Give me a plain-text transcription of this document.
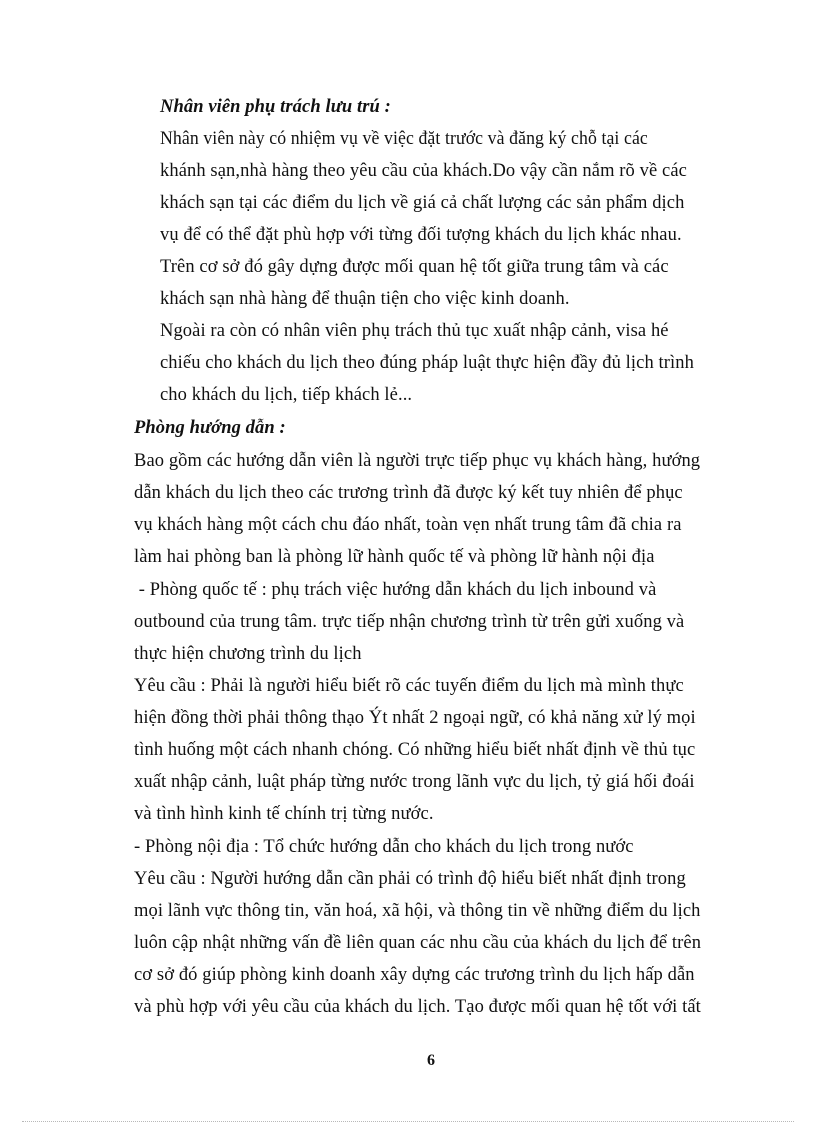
Nhân viên phụ trách lưu trú :
Nhân viên này có nhiệm vụ về việc đặt trước và đăng ký chỗ tại các
khánh sạn,nhà hàng theo yêu cầu của khách.Do vậy cần nắm rõ về các
khách sạn tại các điểm du lịch về giá cả chất lượng các sản phẩm dịch
vụ để có thể đặt phù hợp với từng đối tượng khách du lịch khác nhau.
Trên cơ sở đó gây dựng được mối quan hệ tốt giữa trung tâm và các
khách sạn nhà hàng để thuận tiện cho việc kinh doanh.
Ngoài ra còn có nhân viên phụ trách thủ tục xuất nhập cảnh, visa hé
chiếu cho khách du lịch theo đúng pháp luật thực hiện đầy đủ lịch trình
cho khách du lịch, tiếp khách lẻ...
Phòng hướng dẫn :
Bao gồm các hướng dẫn viên là người trực tiếp phục vụ khách hàng, hướng
dẫn khách du lịch theo các trương trình đã được ký kết tuy nhiên để phục
vụ khách hàng một cách chu đáo nhất, toàn vẹn nhất trung tâm đã chia ra
làm hai phòng ban là phòng lữ hành quốc tế và phòng lữ hành nội địa
- Phòng quốc tế : phụ trách việc hướng dẫn khách du lịch inbound và
outbound của trung tâm. trực tiếp nhận chương trình từ trên gửi xuống và
thực hiện chương trình du lịch
Yêu cầu : Phải là người hiểu biết rõ các tuyến điểm du lịch mà mình thực
hiện đồng thời phải thông thạo Ýt nhất 2 ngoại ngữ, có khả năng xử lý mọi
tình huống một cách nhanh chóng. Có những hiểu biết nhất định về thủ tục
xuất nhập cảnh, luật pháp từng nước trong lãnh vực du lịch, tỷ giá hối đoái
và tình hình kinh tế chính trị từng nước.
- Phòng nội địa : Tổ chức hướng dẫn cho khách du lịch trong nước
Yêu cầu : Người hướng dẫn cần phải có trình độ hiểu biết nhất định trong
mọi lãnh vực thông tin, văn hoá, xã hội, và thông tin về những điểm du lịch
luôn cập nhật những vấn đề liên quan các nhu cầu của khách du lịch để trên
cơ sở đó giúp phòng kinh doanh xây dựng các trương trình du lịch hấp dẫn
và phù hợp với yêu cầu của khách du lịch. Tạo được mối quan hệ tốt với tất
6
